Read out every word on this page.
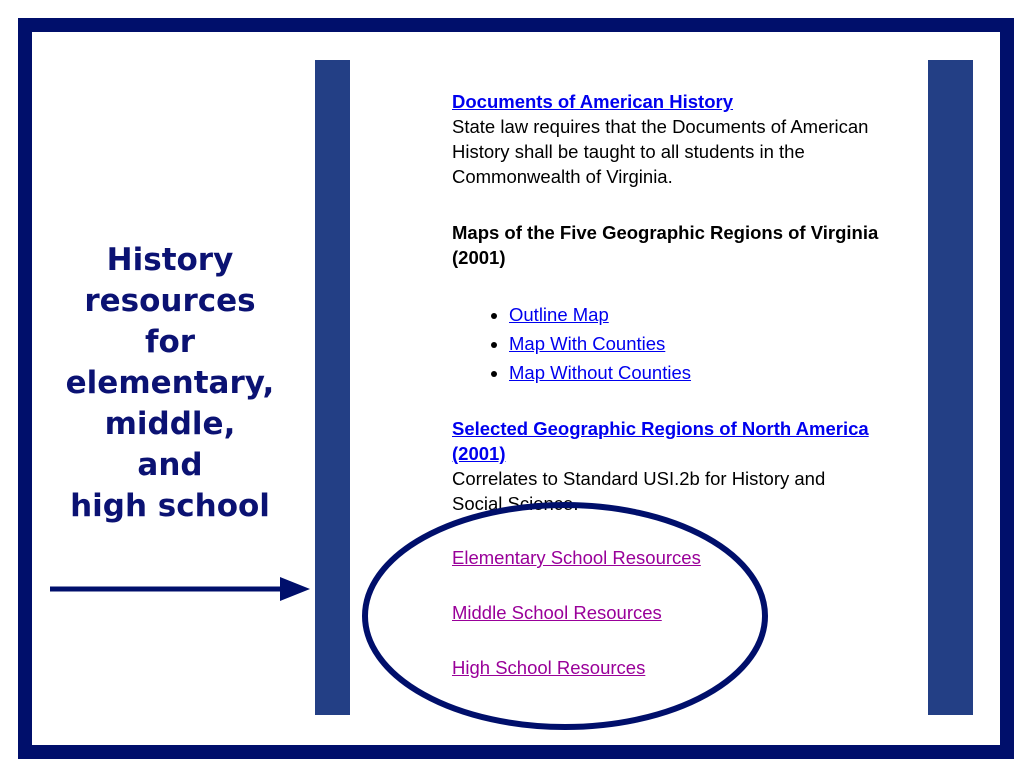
History
resources
for
elementary,
middle,
and
high school
Documents of American History
State law requires that the Documents of American
History shall be taught to all students in the
Commonwealth of Virginia.
Maps of the Five Geographic Regions of Virginia
(2001)
• Outline Map
• Map With Counties
• Map Without Counties
Selected Geographic Regions of North America
(2001)
Correlates to Standard USI.2b for History and
Social Science.
Elementary School Resources
Middle School Resources
High School Resources
